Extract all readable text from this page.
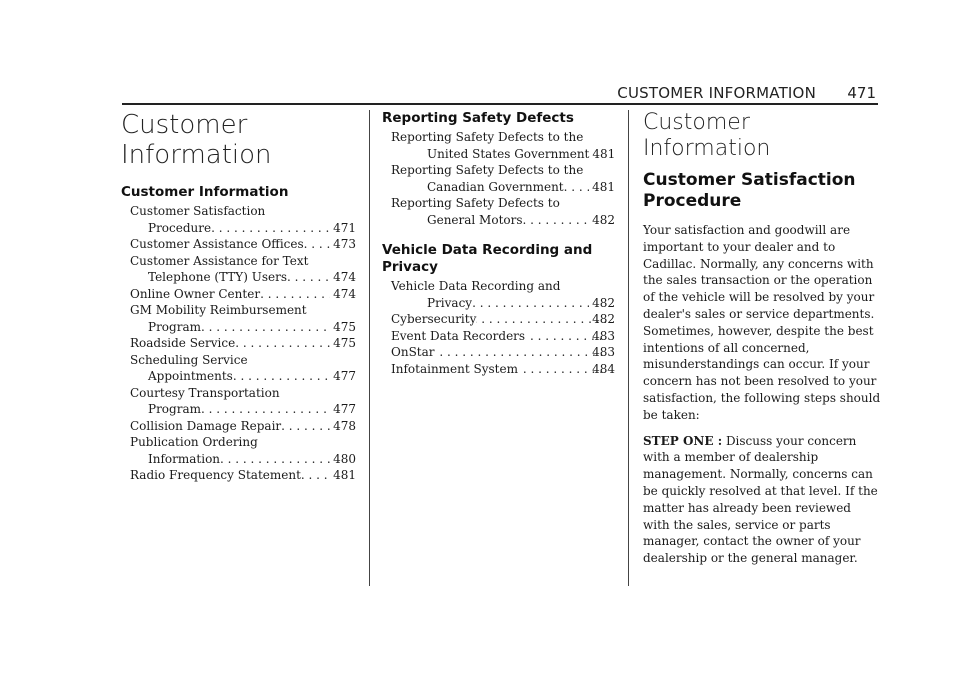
CUSTOMER INFORMATION 471
Customer
Information
Customer Information
Customer Satisfaction
Procedure . . .	471
Customer Assistance Offices . . . 473
Customer Assistance for Text
Telephone (TTY) Users . . .	474
Online Owner Center . . .	474
GM Mobility Reimbursement
Program . . .	475
Roadside Service . . .	475
Scheduling Service
Appointments . . .	477
Courtesy Transportation
Program . . .	477
Collision Damage Repair . . .	478
Publication Ordering
Information . . .	480
Radio Frequency Statement . . .	481
Reporting Safety Defects
Reporting Safety Defects to the
United States Government 481
Reporting Safety Defects to the
Canadian Government . . . 481
Reporting Safety Defects to
General Motors . . .	482
Vehicle Data Recording and
Privacy
Vehicle Data Recording and
Privacy . . .	482
Cybersecurity . . .	482
Event Data Recorders . . .	483
OnStar . . .	483
Infotainment System . . .	484
Customer Information
Customer Satisfaction
Procedure

Your satisfaction and goodwill are important to your dealer and to Cadillac. Normally, any concerns with the sales transaction or the operation of the vehicle will be resolved by your dealer's sales or service departments. Sometimes, however, despite the best intentions of all concerned, misunderstandings can occur. If your concern has not been resolved to your satisfaction, the following steps should be taken:

STEP ONE : Discuss your concern with a member of dealership management. Normally, concerns can be quickly resolved at that level. If the matter has already been reviewed with the sales, service or parts manager, contact the owner of your dealership or the general manager.
